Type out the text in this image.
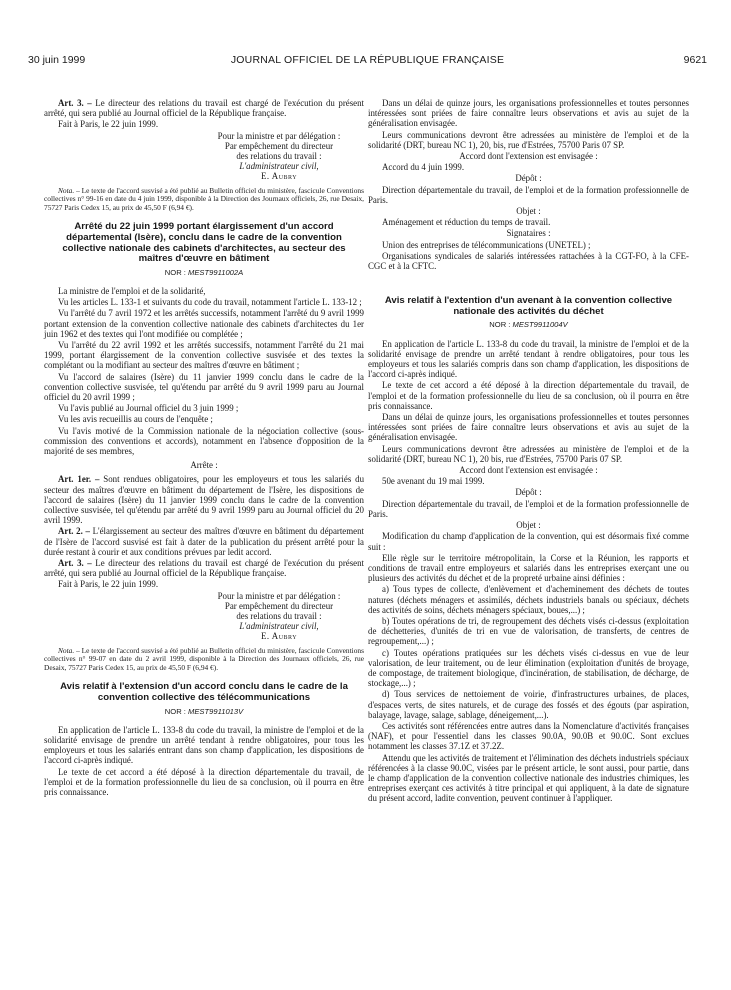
30 juin 1999	JOURNAL OFFICIEL DE LA RÉPUBLIQUE FRANÇAISE	9621

Art. 3. – Le directeur des relations du travail est chargé de l'exécution du présent arrêté, qui sera publié au Journal officiel de la République française.

Fait à Paris, le 22 juin 1999.

Pour la ministre et par délégation :
Par empêchement du directeur
des relations du travail :
L'administrateur civil,
E. Aubry

Nota. – Le texte de l'accord susvisé a été publié au Bulletin officiel du ministère, fascicule Conventions collectives n° 99-16 en date du 4 juin 1999, disponible à la Direction des Journaux officiels, 26, rue Desaix, 75727 Paris Cedex 15, au prix de 45,50 F (6,94 €).

Arrêté du 22 juin 1999 portant élargissement d'un accord départemental (Isère), conclu dans le cadre de la convention collective nationale des cabinets d'architectes, au secteur des maîtres d'œuvre en bâtiment
NOR : MEST9911002A

La ministre de l'emploi et de la solidarité,

Vu les articles L. 133-1 et suivants du code du travail, notamment l'article L. 133-12 ;

Vu l'arrêté du 7 avril 1972 et les arrêtés successifs, notamment l'arrêté du 9 avril 1999 portant extension de la convention collective nationale des cabinets d'architectes du 1er juin 1962 et des textes qui l'ont modifiée ou complétée ;

Vu l'arrêté du 22 avril 1992 et les arrêtés successifs, notamment l'arrêté du 21 mai 1999, portant élargissement de la convention collective susvisée et des textes la complétant ou la modifiant au secteur des maîtres d'œuvre en bâtiment ;

Vu l'accord de salaires (Isère) du 11 janvier 1999 conclu dans le cadre de la convention collective susvisée, tel qu'étendu par arrêté du 9 avril 1999 paru au Journal officiel du 20 avril 1999 ;

Vu l'avis publié au Journal officiel du 3 juin 1999 ;

Vu les avis recueillis au cours de l'enquête ;

Vu l'avis motivé de la Commission nationale de la négociation collective (sous-commission des conventions et accords), notamment en l'absence d'opposition de la majorité de ses membres,

Arrête :

Art. 1er. – Sont rendues obligatoires, pour les employeurs et tous les salariés du secteur des maîtres d'œuvre en bâtiment du département de l'Isère, les dispositions de l'accord de salaires (Isère) du 11 janvier 1999 conclu dans le cadre de la convention collective susvisée, tel qu'étendu par arrêté du 9 avril 1999 paru au Journal officiel du 20 avril 1999.

Art. 2. – L'élargissement au secteur des maîtres d'œuvre en bâtiment du département de l'Isère de l'accord susvisé est fait à dater de la publication du présent arrêté pour la durée restant à courir et aux conditions prévues par ledit accord.

Art. 3. – Le directeur des relations du travail est chargé de l'exécution du présent arrêté, qui sera publié au Journal officiel de la République française.

Fait à Paris, le 22 juin 1999.

Pour la ministre et par délégation :
Par empêchement du directeur
des relations du travail :
L'administrateur civil,
E. Aubry

Nota. – Le texte de l'accord susvisé a été publié au Bulletin officiel du ministère, fascicule Conventions collectives n° 99-07 en date du 2 avril 1999, disponible à la Direction des Journaux officiels, 26, rue Desaix, 75727 Paris Cedex 15, au prix de 45,50 F (6,94 €).

Avis relatif à l'extension d'un accord conclu dans le cadre de la convention collective des télécommunications
NOR : MEST9911013V

En application de l'article L. 133-8 du code du travail, la ministre de l'emploi et de la solidarité envisage de prendre un arrêté tendant à rendre obligatoires, pour tous les employeurs et tous les salariés entrant dans son champ d'application, les dispositions de l'accord ci-après indiqué.

Le texte de cet accord a été déposé à la direction départementale du travail, de l'emploi et de la formation professionnelle du lieu de sa conclusion, où il pourra en être pris connaissance.

Dans un délai de quinze jours, les organisations professionnelles et toutes personnes intéressées sont priées de faire connaître leurs observations et avis au sujet de la généralisation envisagée.

Leurs communications devront être adressées au ministère de l'emploi et de la solidarité (DRT, bureau NC 1), 20, bis, rue d'Estrées, 75700 Paris 07 SP.

Accord dont l'extension est envisagée :

Accord du 4 juin 1999.

Dépôt :

Direction départementale du travail, de l'emploi et de la formation professionnelle de Paris.

Objet :

Aménagement et réduction du temps de travail.

Signataires :

Union des entreprises de télécommunications (UNETEL) ;

Organisations syndicales de salariés intéressées rattachées à la CGT-FO, à la CFE-CGC et à la CFTC.

Avis relatif à l'extention d'un avenant à la convention collective nationale des activités du déchet
NOR : MEST9911004V

En application de l'article L. 133-8 du code du travail, la ministre de l'emploi et de la solidarité envisage de prendre un arrêté tendant à rendre obligatoires, pour tous les employeurs et tous les salariés compris dans son champ d'application, les dispositions de l'accord ci-après indiqué.

Le texte de cet accord a été déposé à la direction départementale du travail, de l'emploi et de la formation professionnelle du lieu de sa conclusion, où il pourra en être pris connaissance.

Dans un délai de quinze jours, les organisations professionnelles et toutes personnes intéressées sont priées de faire connaître leurs observations et avis au sujet de la généralisation envisagée.

Leurs communications devront être adressées au ministère de l'emploi et de la solidarité (DRT, bureau NC 1), 20 bis, rue d'Estrées, 75700 Paris 07 SP.

Accord dont l'extension est envisagée :

50e avenant du 19 mai 1999.

Dépôt :

Direction départementale du travail, de l'emploi et de la formation professionnelle de Paris.

Objet :

Modification du champ d'application de la convention, qui est désormais fixé comme suit :

Elle règle sur le territoire métropolitain, la Corse et la Réunion, les rapports et conditions de travail entre employeurs et salariés dans les entreprises exerçant une ou plusieurs des activités du déchet et de la propreté urbaine ainsi définies :

a) Tous types de collecte, d'enlèvement et d'acheminement des déchets de toutes natures (déchets ménagers et assimilés, déchets industriels banals ou spéciaux, déchets des activités de soins, déchets ménagers spéciaux, boues,...) ;

b) Toutes opérations de tri, de regroupement des déchets visés ci-dessus (exploitation de déchetteries, d'unités de tri en vue de valorisation, de transferts, de centres de regroupement,...) ;

c) Toutes opérations pratiquées sur les déchets visés ci-dessus en vue de leur valorisation, de leur traitement, ou de leur élimination (exploitation d'unités de broyage, de compostage, de traitement biologique, d'incinération, de stabilisation, de décharge, de stockage,...) ;

d) Tous services de nettoiement de voirie, d'infrastructures urbaines, de places, d'espaces verts, de sites naturels, et de curage des fossés et des égouts (par aspiration, balayage, lavage, salage, sablage, déneigement,...).

Ces activités sont référencées entre autres dans la Nomenclature d'activités françaises (NAF), et pour l'essentiel dans les classes 90.0A, 90.0B et 90.0C. Sont exclues notamment les classes 37.1Z et 37.2Z.

Attendu que les activités de traitement et l'élimination des déchets industriels spéciaux référencées à la classe 90.0C, visées par le présent article, le sont aussi, pour partie, dans le champ d'application de la convention collective nationale des industries chimiques, les entreprises exerçant ces activités à titre principal et qui appliquent, à la date de signature du présent accord, ladite convention, peuvent continuer à l'appliquer.
